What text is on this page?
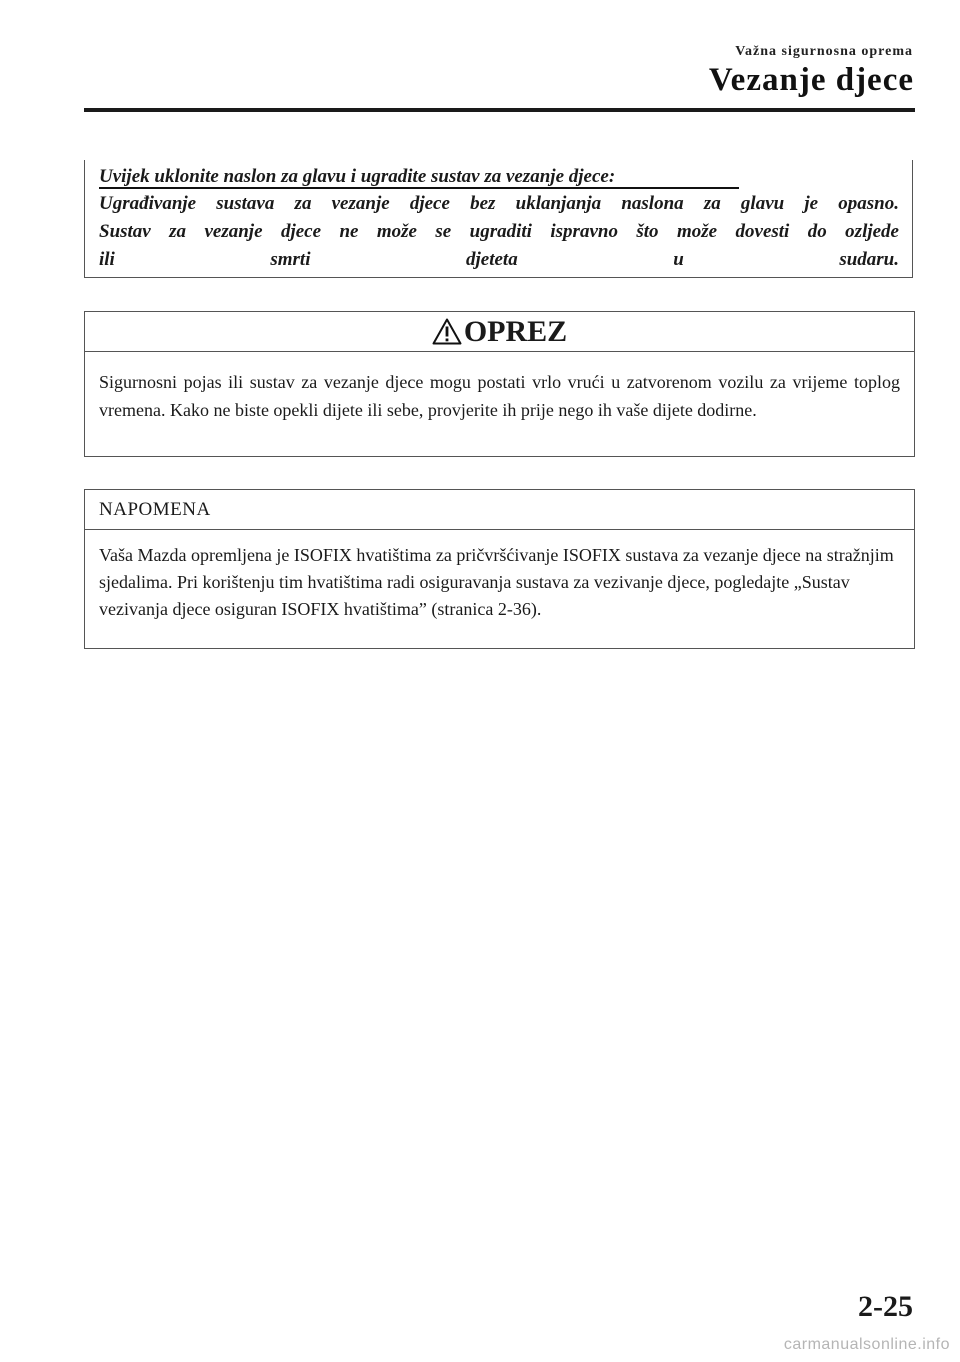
Važna sigurnosna oprema
Vezanje djece

Uvijek uklonite naslon za glavu i ugradite sustav za vezanje djece:

Ugrađivanje sustava za vezanje djece bez uklanjanja naslona za glavu je opasno.
Sustav za vezanje djece ne može se ugraditi ispravno što može dovesti do ozljede
ili smrti djeteta u sudaru.

OPREZ

Sigurnosni pojas ili sustav za vezanje djece mogu postati vrlo vrući u zatvorenom vozilu za vrijeme toplog vremena. Kako ne biste opekli dijete ili sebe, provjerite ih prije nego ih vaše dijete dodirne.

NAPOMENA

Vaša Mazda opremljena je ISOFIX hvatištima za pričvršćivanje ISOFIX sustava za vezanje djece na stražnjim sjedalima. Pri korištenju tim hvatištima radi osiguravanja sustava za vezivanje djece, pogledajte „Sustav vezivanja djece osiguran ISOFIX hvatištima” (stranica 2-36).

2-25
carmanualsonline.info
